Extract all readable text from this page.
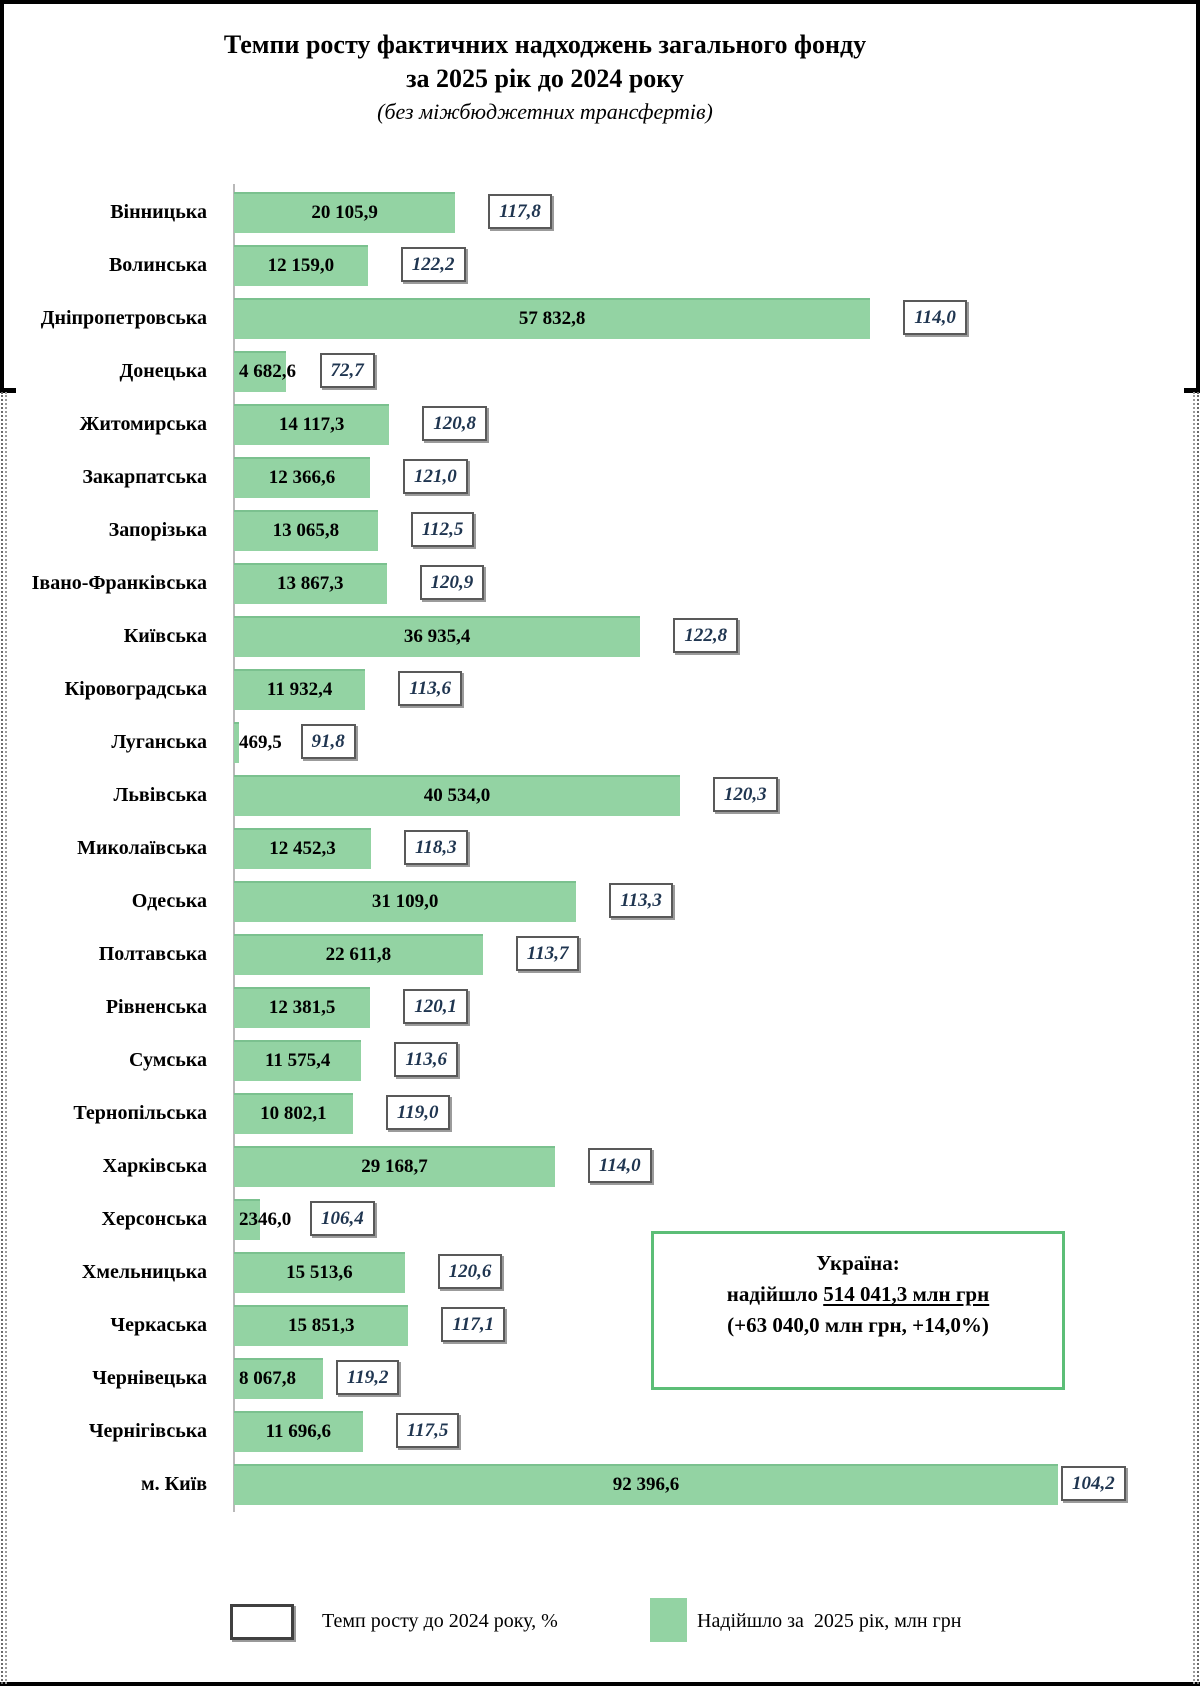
Темпи росту фактичних надходжень загального фонду
за 2025 рік до 2024 року
(без міжбюджетних трансфертів)
Вінницька
Волинська
Дніпропетровська
Донецька
Житомирська
Закарпатська
Запорізька
Івано-Франківська
Київська
Кіровоградська
Луганська
Львівська
Миколаївська
Одеська
Полтавська
Рівненська
Сумська
Тернопільська
Харківська
Херсонська
Хмельницька
Черкаська
Чернівецька
Чернігівська
м. Київ
20 105,9	117,8
12 159,0	122,2
57 832,8	114,0
4 682,6	72,7
14 117,3	120,8
12 366,6	121,0
13 065,8	112,5
13 867,3	120,9
36 935,4	122,8
11 932,4	113,6
469,5	91,8
40 534,0	120,3
12 452,3	118,3
31 109,0	113,3
22 611,8	113,7
12 381,5	120,1
11 575,4	113,6
10 802,1	119,0
29 168,7	114,0
2346,0	106,4
15 513,6	120,6
15 851,3	117,1
8 067,8	119,2
11 696,6	117,5
92 396,6	104,2
Україна:
надійшло 514 041,3 млн грн
(+63 040,0 млн грн, +14,0%)
Темп росту до 2024 року, %	Надійшло за  2025 рік, млн грн
